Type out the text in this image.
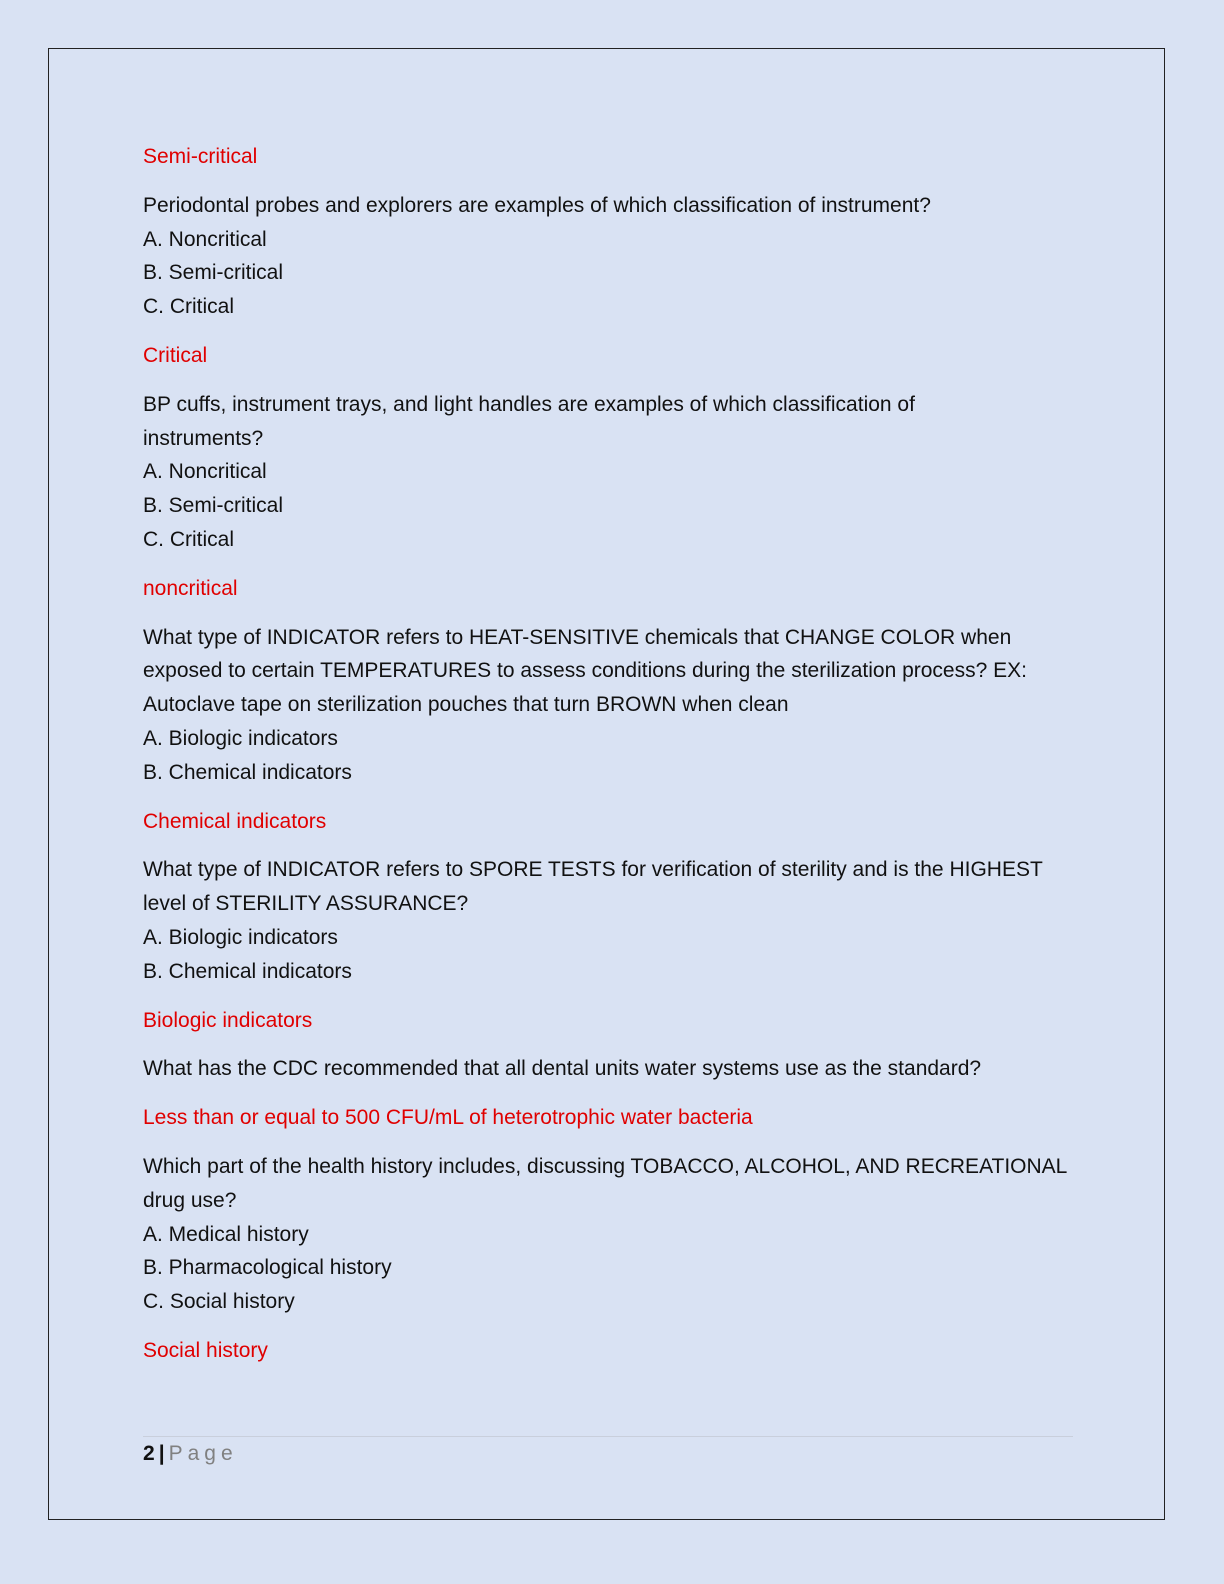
Semi-critical

Periodontal probes and explorers are examples of which classification of instrument?

A. Noncritical

B. Semi-critical

C. Critical

Critical

BP cuffs, instrument trays, and light handles are examples of which classification of

instruments?

A. Noncritical

B. Semi-critical

C. Critical

noncritical

What type of INDICATOR refers to HEAT-SENSITIVE chemicals that CHANGE COLOR when

exposed to certain TEMPERATURES to assess conditions during the sterilization process? EX:

Autoclave tape on sterilization pouches that turn BROWN when clean

A. Biologic indicators

B. Chemical indicators

Chemical indicators

What type of INDICATOR refers to SPORE TESTS for verification of sterility and is the HIGHEST

level of STERILITY ASSURANCE?

A. Biologic indicators

B. Chemical indicators

Biologic indicators

What has the CDC recommended that all dental units water systems use as the standard?

Less than or equal to 500 CFU/mL of heterotrophic water bacteria

Which part of the health history includes, discussing TOBACCO, ALCOHOL, AND RECREATIONAL

drug use?

A. Medical history

B. Pharmacological history

C. Social history

Social history

2 | Page
